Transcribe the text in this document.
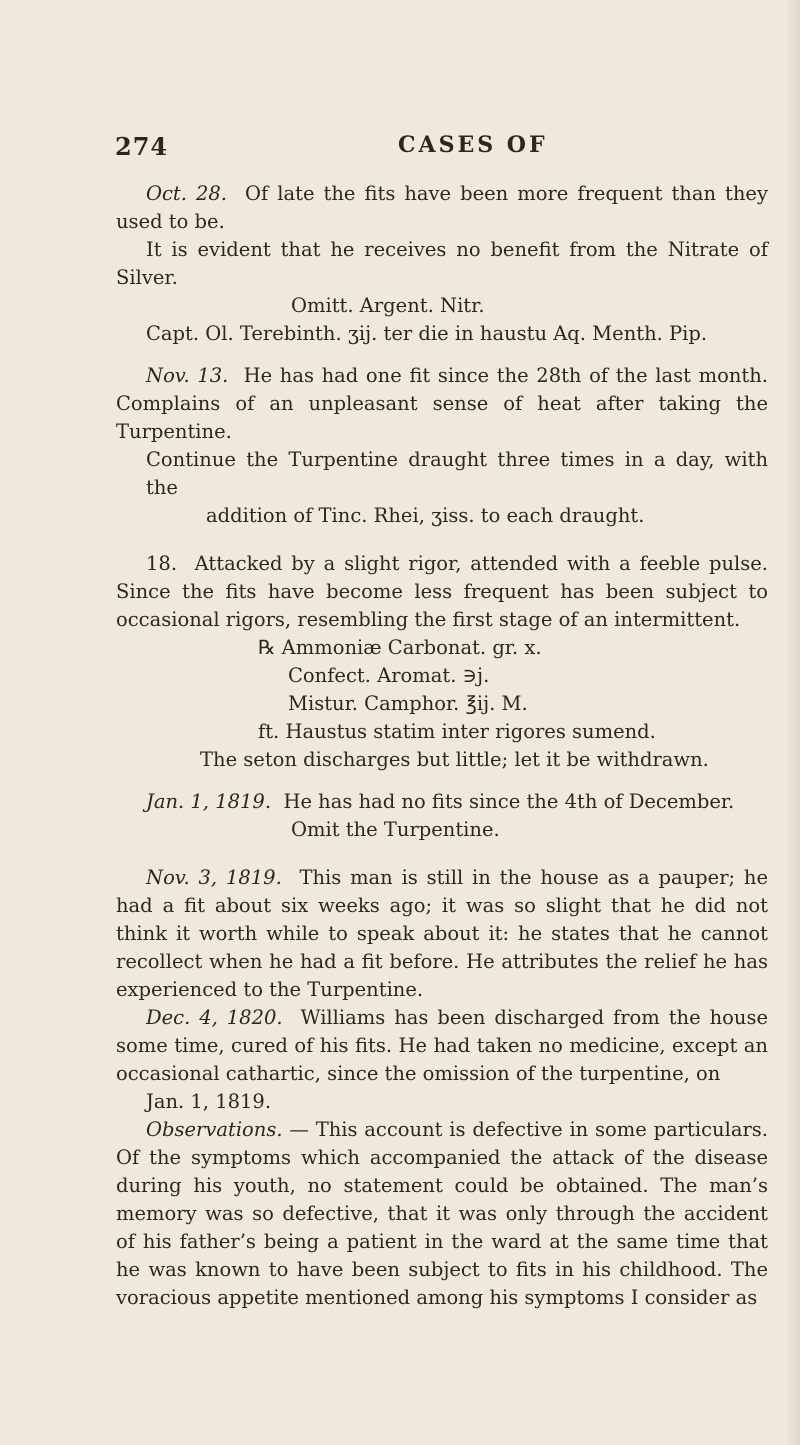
274	CASES OF

Oct. 28. Of late the fits have been more frequent than they used to be.

It is evident that he receives no benefit from the Nitrate of Silver.

Omitt. Argent. Nitr.

Capt. Ol. Terebinth. ʒij. ter die in haustu Aq. Menth. Pip.

Nov. 13. He has had one fit since the 28th of the last month. Complains of an unpleasant sense of heat after taking the Turpentine.

Continue the Turpentine draught three times in a day, with the

addition of Tinc. Rhei, ʒiss. to each draught.

18. Attacked by a slight rigor, attended with a feeble pulse. Since the fits have become less frequent has been subject to occasional rigors, resembling the first stage of an intermittent.

℞ Ammoniæ Carbonat. gr. x.

Confect. Aromat. ∋j.

Mistur. Camphor. ℥ij. M.

ft. Haustus statim inter rigores sumend.

The seton discharges but little; let it be withdrawn.

Jan. 1, 1819. He has had no fits since the 4th of December.

Omit the Turpentine.

Nov. 3, 1819. This man is still in the house as a pauper; he had a fit about six weeks ago; it was so slight that he did not think it worth while to speak about it: he states that he cannot recollect when he had a fit before. He attributes the relief he has experienced to the Turpentine.

Dec. 4, 1820. Williams has been discharged from the house some time, cured of his fits. He had taken no medicine, except an occasional cathartic, since the omission of the turpentine, on

Jan. 1, 1819.

Observations. — This account is defective in some particulars. Of the symptoms which accompanied the attack of the disease during his youth, no statement could be obtained. The man’s memory was so defective, that it was only through the accident of his father’s being a patient in the ward at the same time that he was known to have been subject to fits in his childhood. The voracious appetite mentioned among his symptoms I consider as
